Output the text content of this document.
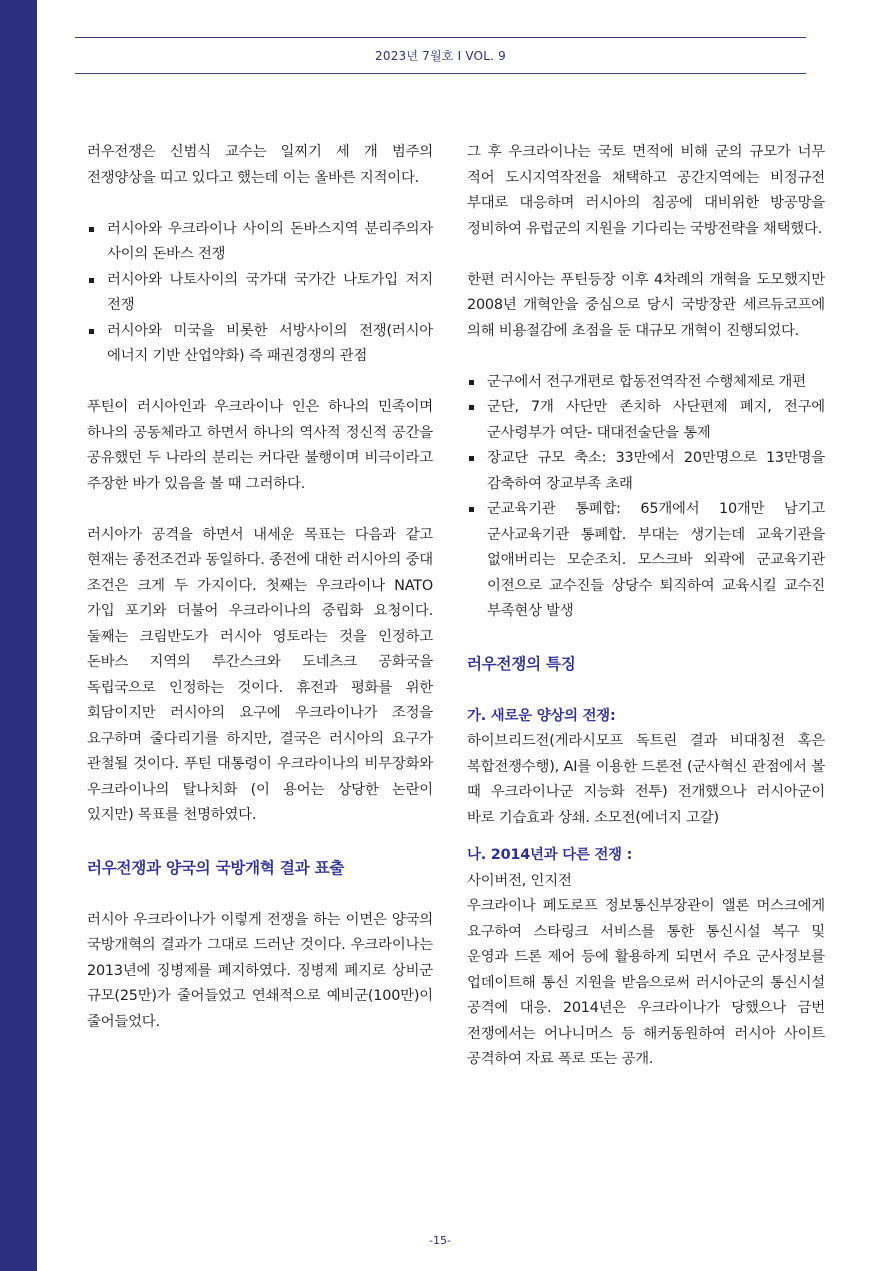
2023년 7월호 I VOL. 9

러우전쟁은 신범식 교수는 일찌기 세 개 범주의 전쟁양상을 띠고 있다고 했는데 이는 올바른 지적이다.

러시아와 우크라이나 사이의 돈바스지역 분리주의자 사이의 돈바스 전쟁
러시아와 나토사이의 국가대 국가간 나토가입 저지 전쟁
러시아와 미국을 비롯한 서방사이의 전쟁(러시아 에너지 기반 산업약화) 즉 패권경쟁의 관점

푸틴이 러시아인과 우크라이나 인은 하나의 민족이며 하나의 공동체라고 하면서 하나의 역사적 정신적 공간을 공유했던 두 나라의 분리는 커다란 불행이며 비극이라고 주장한 바가 있음을 볼 때 그러하다.

러시아가 공격을 하면서 내세운 목표는 다음과 같고 현재는 종전조건과 동일하다. 종전에 대한 러시아의 중대 조건은 크게 두 가지이다. 첫째는 우크라이나 NATO 가입 포기와 더불어 우크라이나의 중립화 요청이다. 둘째는 크림반도가 러시아 영토라는 것을 인정하고 돈바스 지역의 루간스크와 도네츠크 공화국을 독립국으로 인정하는 것이다. 휴전과 평화를 위한 회담이지만 러시아의 요구에 우크라이나가 조정을 요구하며 줄다리기를 하지만, 결국은 러시아의 요구가 관철될 것이다. 푸틴 대통령이 우크라이나의 비무장화와 우크라이나의 탈나치화 (이 용어는 상당한 논란이 있지만) 목표를 천명하였다.

러우전쟁과 양국의 국방개혁 결과 표출

러시아 우크라이나가 이렇게 전쟁을 하는 이면은 양국의 국방개혁의 결과가 그대로 드러난 것이다. 우크라이나는 2013년에 징병제를 폐지하였다. 징병제 폐지로 상비군 규모(25만)가 줄어들었고 연쇄적으로 예비군(100만)이 줄어들었다.

그 후 우크라이나는 국토 면적에 비해 군의 규모가 너무 적어 도시지역작전을 채택하고 공간지역에는 비정규전 부대로 대응하며 러시아의 침공에 대비위한 방공망을 정비하여 유럽군의 지원을 기다리는 국방전략을 채택했다.

한편 러시아는 푸틴등장 이후 4차례의 개혁을 도모했지만 2008년 개혁안을 중심으로 당시 국방장관 세르듀코프에 의해 비용절감에 초점을 둔 대규모 개혁이 진행되었다.

군구에서 전구개편로 합동전역작전 수행체제로 개편
군단, 7개 사단만 존치하 사단편제 폐지, 전구에 군사령부가 여단- 대대전술단을 통제
장교단 규모 축소: 33만에서 20만명으로 13만명을 감축하여 장교부족 초래
군교육기관 통폐합: 65개에서 10개만 남기고 군사교육기관 통폐합. 부대는 생기는데 교육기관을 없애버리는 모순조치. 모스크바 외곽에 군교육기관 이전으로 교수진들 상당수 퇴직하여 교육시킬 교수진 부족현상 발생
러우전쟁의 특징
가. 새로운 양상의 전쟁:

하이브리드전(게라시모프 독트린 결과 비대칭전 혹은 복합전쟁수행), AI를 이용한 드론전 (군사혁신 관점에서 볼 때 우크라이나군 지능화 전투) 전개했으나 러시아군이 바로 기습효과 상쇄. 소모전(에너지 고갈)

나. 2014년과 다른 전쟁 :

사이버전, 인지전

우크라이나 페도로프 정보통신부장관이 앨론 머스크에게 요구하여 스타링크 서비스를 통한 통신시설 복구 및 운영과 드론 제어 등에 활용하게 되면서 주요 군사정보를 업데이트해 통신 지원을 받음으로써 러시아군의 통신시설 공격에 대응. 2014년은 우크라이나가 당했으나 금번 전쟁에서는 어나니머스 등 해커동원하여 러시아 사이트 공격하여 자료 폭로 또는 공개.

-15-
